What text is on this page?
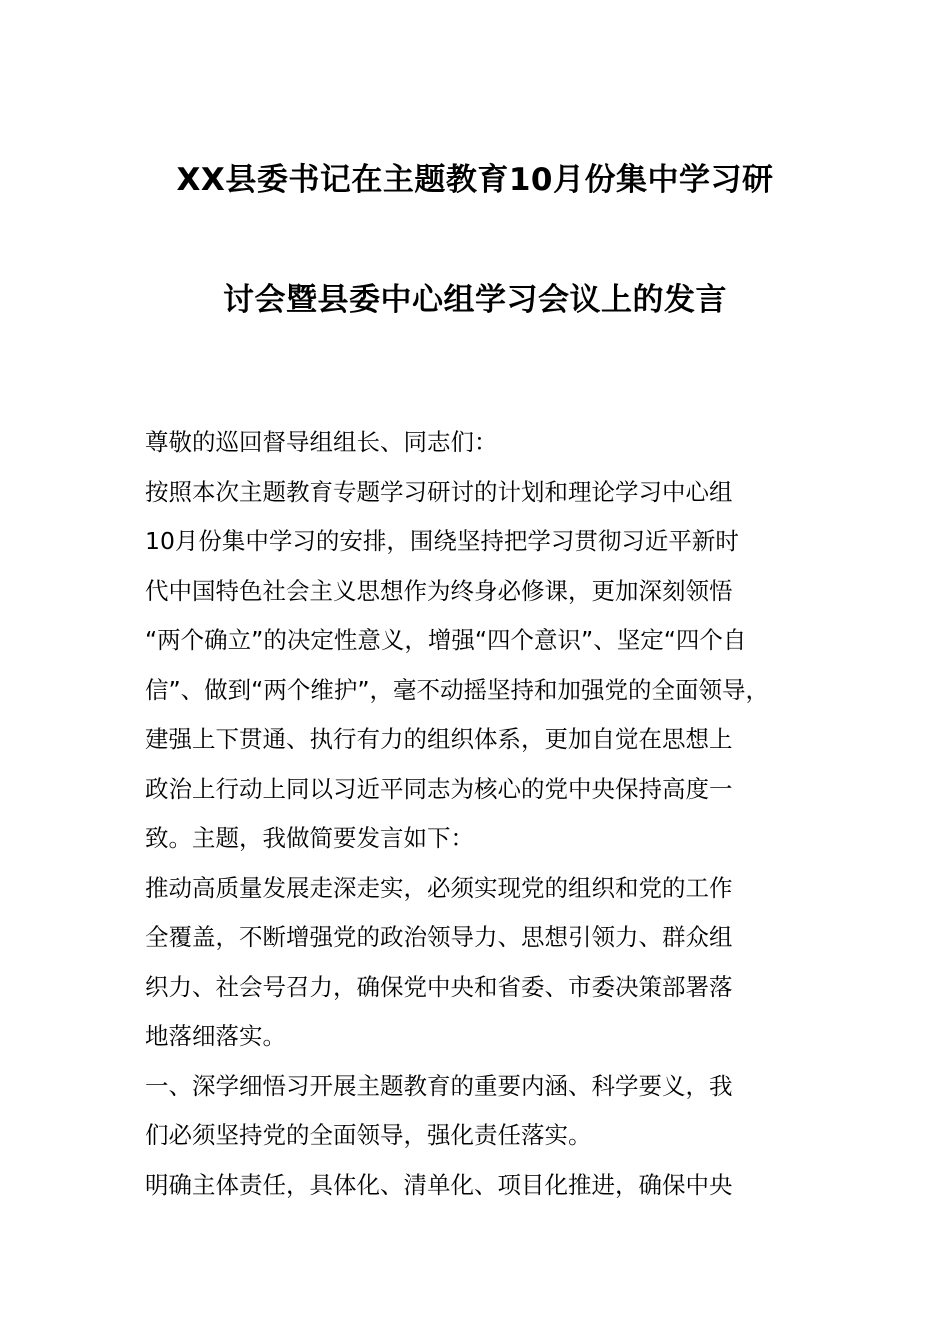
XX县委书记在主题教育10月份集中学习研
讨会暨县委中心组学习会议上的发言
尊敬的巡回督导组组长、同志们：
按照本次主题教育专题学习研讨的计划和理论学习中心组
10月份集中学习的安排，围绕坚持把学习贯彻习近平新时
代中国特色社会主义思想作为终身必修课，更加深刻领悟
“两个确立”的决定性意义，增强“四个意识”、坚定“四个自
信”、做到“两个维护”，毫不动摇坚持和加强党的全面领导，
建强上下贯通、执行有力的组织体系，更加自觉在思想上
政治上行动上同以习近平同志为核心的党中央保持高度一
致。主题，我做简要发言如下：
推动高质量发展走深走实，必须实现党的组织和党的工作
全覆盖，不断增强党的政治领导力、思想引领力、群众组
织力、社会号召力，确保党中央和省委、市委决策部署落
地落细落实。
一、深学细悟习开展主题教育的重要内涵、科学要义，我
们必须坚持党的全面领导，强化责任落实。
明确主体责任，具体化、清单化、项目化推进，确保中央
